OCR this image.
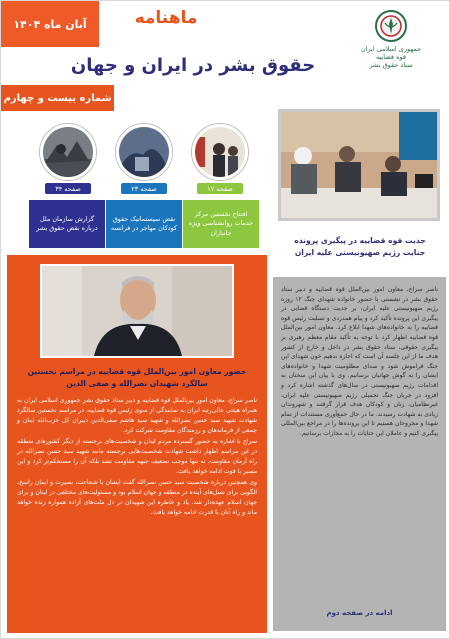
آبان ماه ۱۴۰۴	ماهنامه
حقوق بشر در ایران و جهان
جمهوری اسلامی ایران
قوه قضاییه
ستاد حقوق بشر
شماره بیست و چهارم
صفحه ۳۴
گزارش سازمان ملل درباره نقض حقوق بشر
صفحه ۲۳
نقض سیستماتیک حقوق کودکان مهاجر در فرانسه
صفحه ۱۷
افتتاح نخستین مرکز خدمات روانشناسی ویژه جانبازان
جدیت قوه قضاییه در پیگیری پرونده جنایت رژیم صهیونیستی علیه ایران

ناصر سراج، معاون امور بین‌الملل قوه قضاییه و دبیر ستاد حقوق بشر در نشستی با حضور خانواده شهدای جنگ ۱۲ روزه رژیم صهیونیستی علیه ایران، بر جدیت دستگاه قضایی در پیگیری این پرونده تأکید کرد و پیام همدردی و تسلیت رئیس قوه قضاییه را به خانواده‌های شهدا ابلاغ کرد. معاون امور بین‌الملل قوه قضاییه اظهار کرد با توجه به تأکید مقام معظم رهبری بر پیگیری حقوقی، ستاد حقوق بشر در داخل و خارج از کشور هدف ما از این جلسه آن است که اجازه ندهیم خون شهدای این جنگ فراموش شود و صدای مظلومیت شهدا و خانواده‌های ایشان را به گوش جهانیان برسانیم. وی با بیان این سخنان به اقدامات رژیم صهیونیستی در سال‌های گذشته اشاره کرد و افزود در جریان جنگ تحمیلی رژیم صهیونیستی علیه ایران، غیرنظامیان، زنان و کودکان هدف قرار گرفتند و شهروندان زیادی به شهادت رسیدند. ما در حال جمع‌آوری مستندات از تمام شهدا و مجروحان هستیم تا این پرونده‌ها را در مراجع بین‌المللی پیگیری کنیم و عاملان این جنایات را به مجازات برسانیم.

ادامه در صفحه دوم
حضور معاون امور بین‌الملل قوه قضاییه در مراسم نخستین سالگرد شهیدان نصرالله و صفی الدین

ناصر سراج، معاون امور بین‌الملل قوه قضاییه و دبیر ستاد حقوق بشر جمهوری اسلامی ایران به همراه هیئتی عالی‌رتبه ایران به نمایندگی از سوی رئیس قوه قضاییه، در مراسم نخستین سالگرد شهادت شهید سید حسن نصرالله و شهید سید هاشم صفی‌الدین دبیران کل حزب‌الله لبنان و جمعی از فرماندهان و رزمندگان مقاومت شرکت کرد.

سراج با اشاره به حضور گسترده مردم لبنان و شخصیت‌های برجسته از دیگر کشورهای منطقه در این مراسم اظهار داشت شهادت شخصیت‌هایی برجسته مانند شهید سید حسن نصرالله در راه آرمان مقاومت، نه تنها موجب تضعیف جبهه مقاومت نشد بلکه آن را مستحکم‌تر کرد و این مسیر با قوت ادامه خواهد یافت.

وی همچنین درباره شخصیت سید حسن نصرالله گفت ایشان با شجاعت، بصیرت و ایمان راسخ، الگویی برای نسل‌های آینده در منطقه و جهان اسلام بود و مسئولیت‌های مختلفی در لبنان و برای جهان اسلام عهده‌دار شد. یاد و خاطره این شهیدان در دل ملت‌های آزاده همواره زنده خواهد ماند و راه آنان با قدرت ادامه خواهد یافت.
